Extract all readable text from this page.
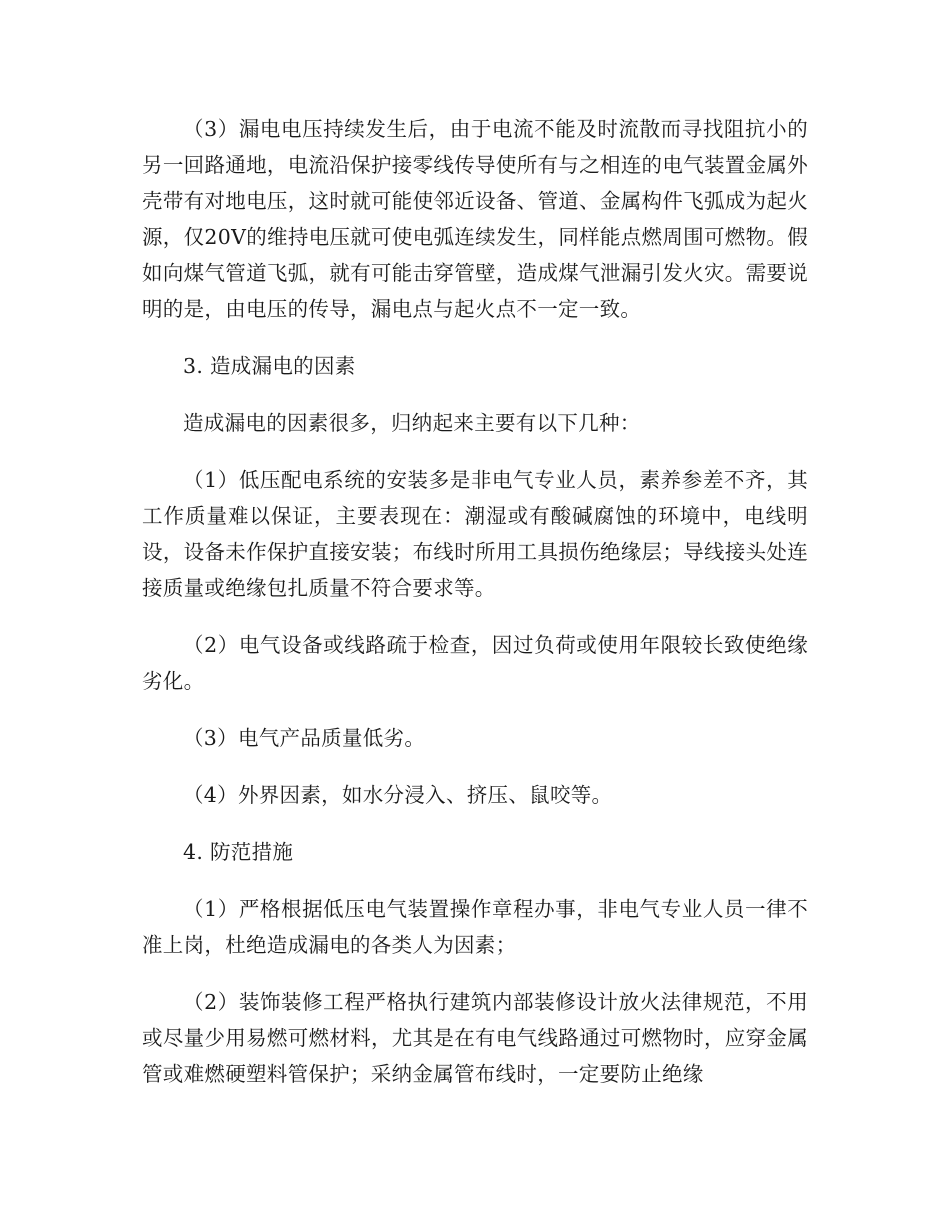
（3）漏电电压持续发生后，由于电流不能及时流散而寻找阻抗小的另一回路通地，电流沿保护接零线传导使所有与之相连的电气装置金属外壳带有对地电压，这时就可能使邻近设备、管道、金属构件飞弧成为起火源，仅20V的维持电压就可使电弧连续发生，同样能点燃周围可燃物。假如向煤气管道飞弧，就有可能击穿管壁，造成煤气泄漏引发火灾。需要说明的是，由电压的传导，漏电点与起火点不一定一致。

3. 造成漏电的因素

造成漏电的因素很多，归纳起来主要有以下几种：

（1）低压配电系统的安装多是非电气专业人员，素养参差不齐，其工作质量难以保证，主要表现在：潮湿或有酸碱腐蚀的环境中，电线明设，设备未作保护直接安装；布线时所用工具损伤绝缘层；导线接头处连接质量或绝缘包扎质量不符合要求等。

（2）电气设备或线路疏于检查，因过负荷或使用年限较长致使绝缘劣化。

（3）电气产品质量低劣。

（4）外界因素，如水分浸入、挤压、鼠咬等。

4. 防范措施

（1）严格根据低压电气装置操作章程办事，非电气专业人员一律不准上岗，杜绝造成漏电的各类人为因素；

（2）装饰装修工程严格执行建筑内部装修设计放火法律规范，不用或尽量少用易燃可燃材料，尤其是在有电气线路通过可燃物时，应穿金属管或难燃硬塑料管保护；采纳金属管布线时，一定要防止绝缘
